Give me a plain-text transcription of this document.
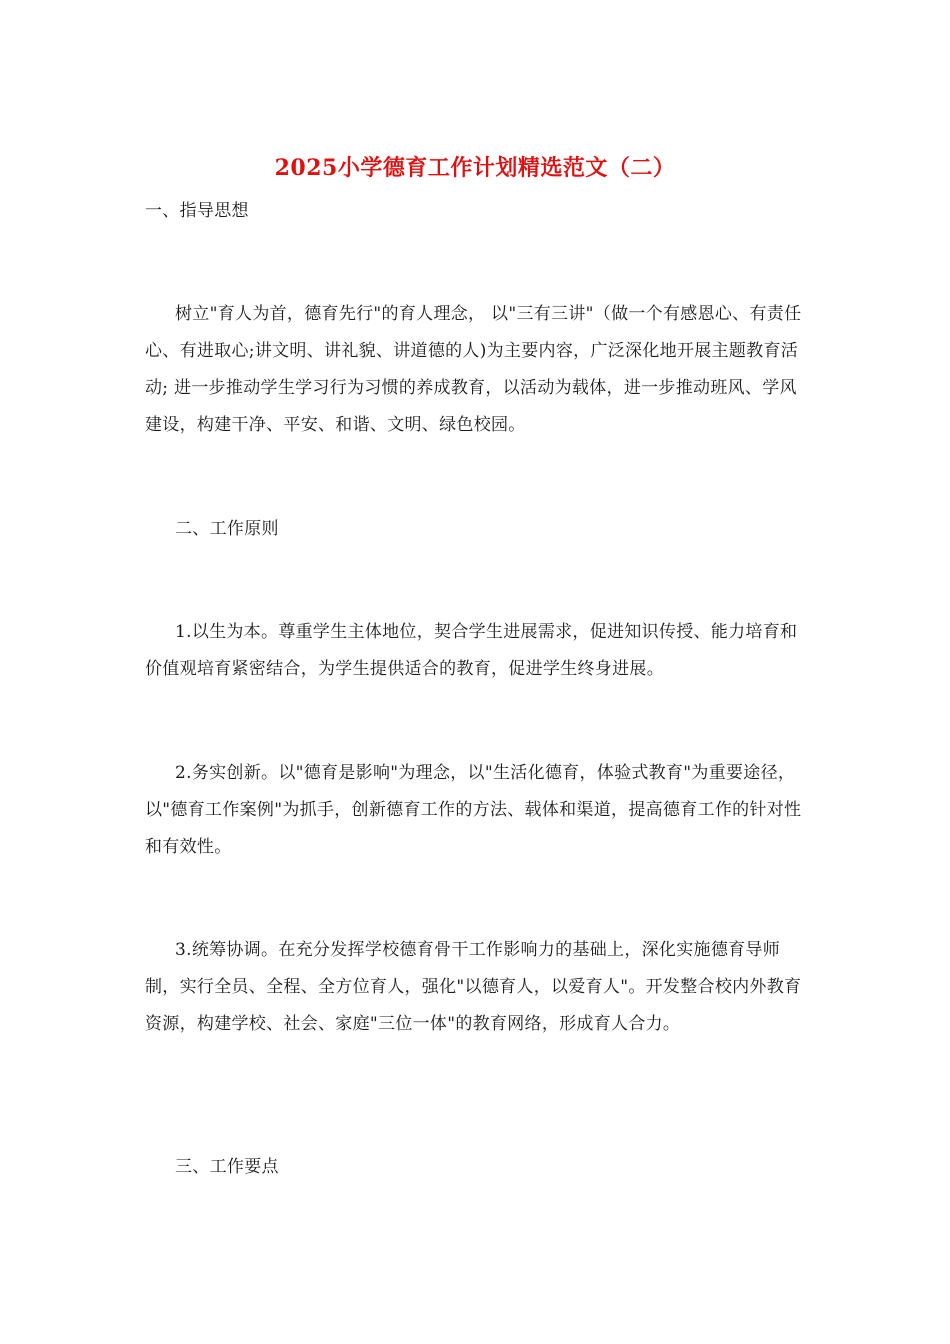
2025小学德育工作计划精选范文（二）

一、指导思想

树立"育人为首，德育先行"的育人理念， 以"三有三讲"（做一个有感恩心、有责任心、有进取心;讲文明、讲礼貌、讲道德的人)为主要内容，广泛深化地开展主题教育活动; 进一步推动学生学习行为习惯的养成教育，以活动为载体，进一步推动班风、学风建设，构建干净、平安、和谐、文明、绿色校园。

二、工作原则

1.以生为本。尊重学生主体地位，契合学生进展需求，促进知识传授、能力培育和价值观培育紧密结合，为学生提供适合的教育，促进学生终身进展。

2.务实创新。以"德育是影响"为理念，以"生活化德育，体验式教育"为重要途径，以"德育工作案例"为抓手，创新德育工作的方法、载体和渠道，提高德育工作的针对性和有效性。

3.统筹协调。在充分发挥学校德育骨干工作影响力的基础上，深化实施德育导师制，实行全员、全程、全方位育人，强化"以德育人，以爱育人"。开发整合校内外教育资源，构建学校、社会、家庭"三位一体"的教育网络，形成育人合力。

三、工作要点
